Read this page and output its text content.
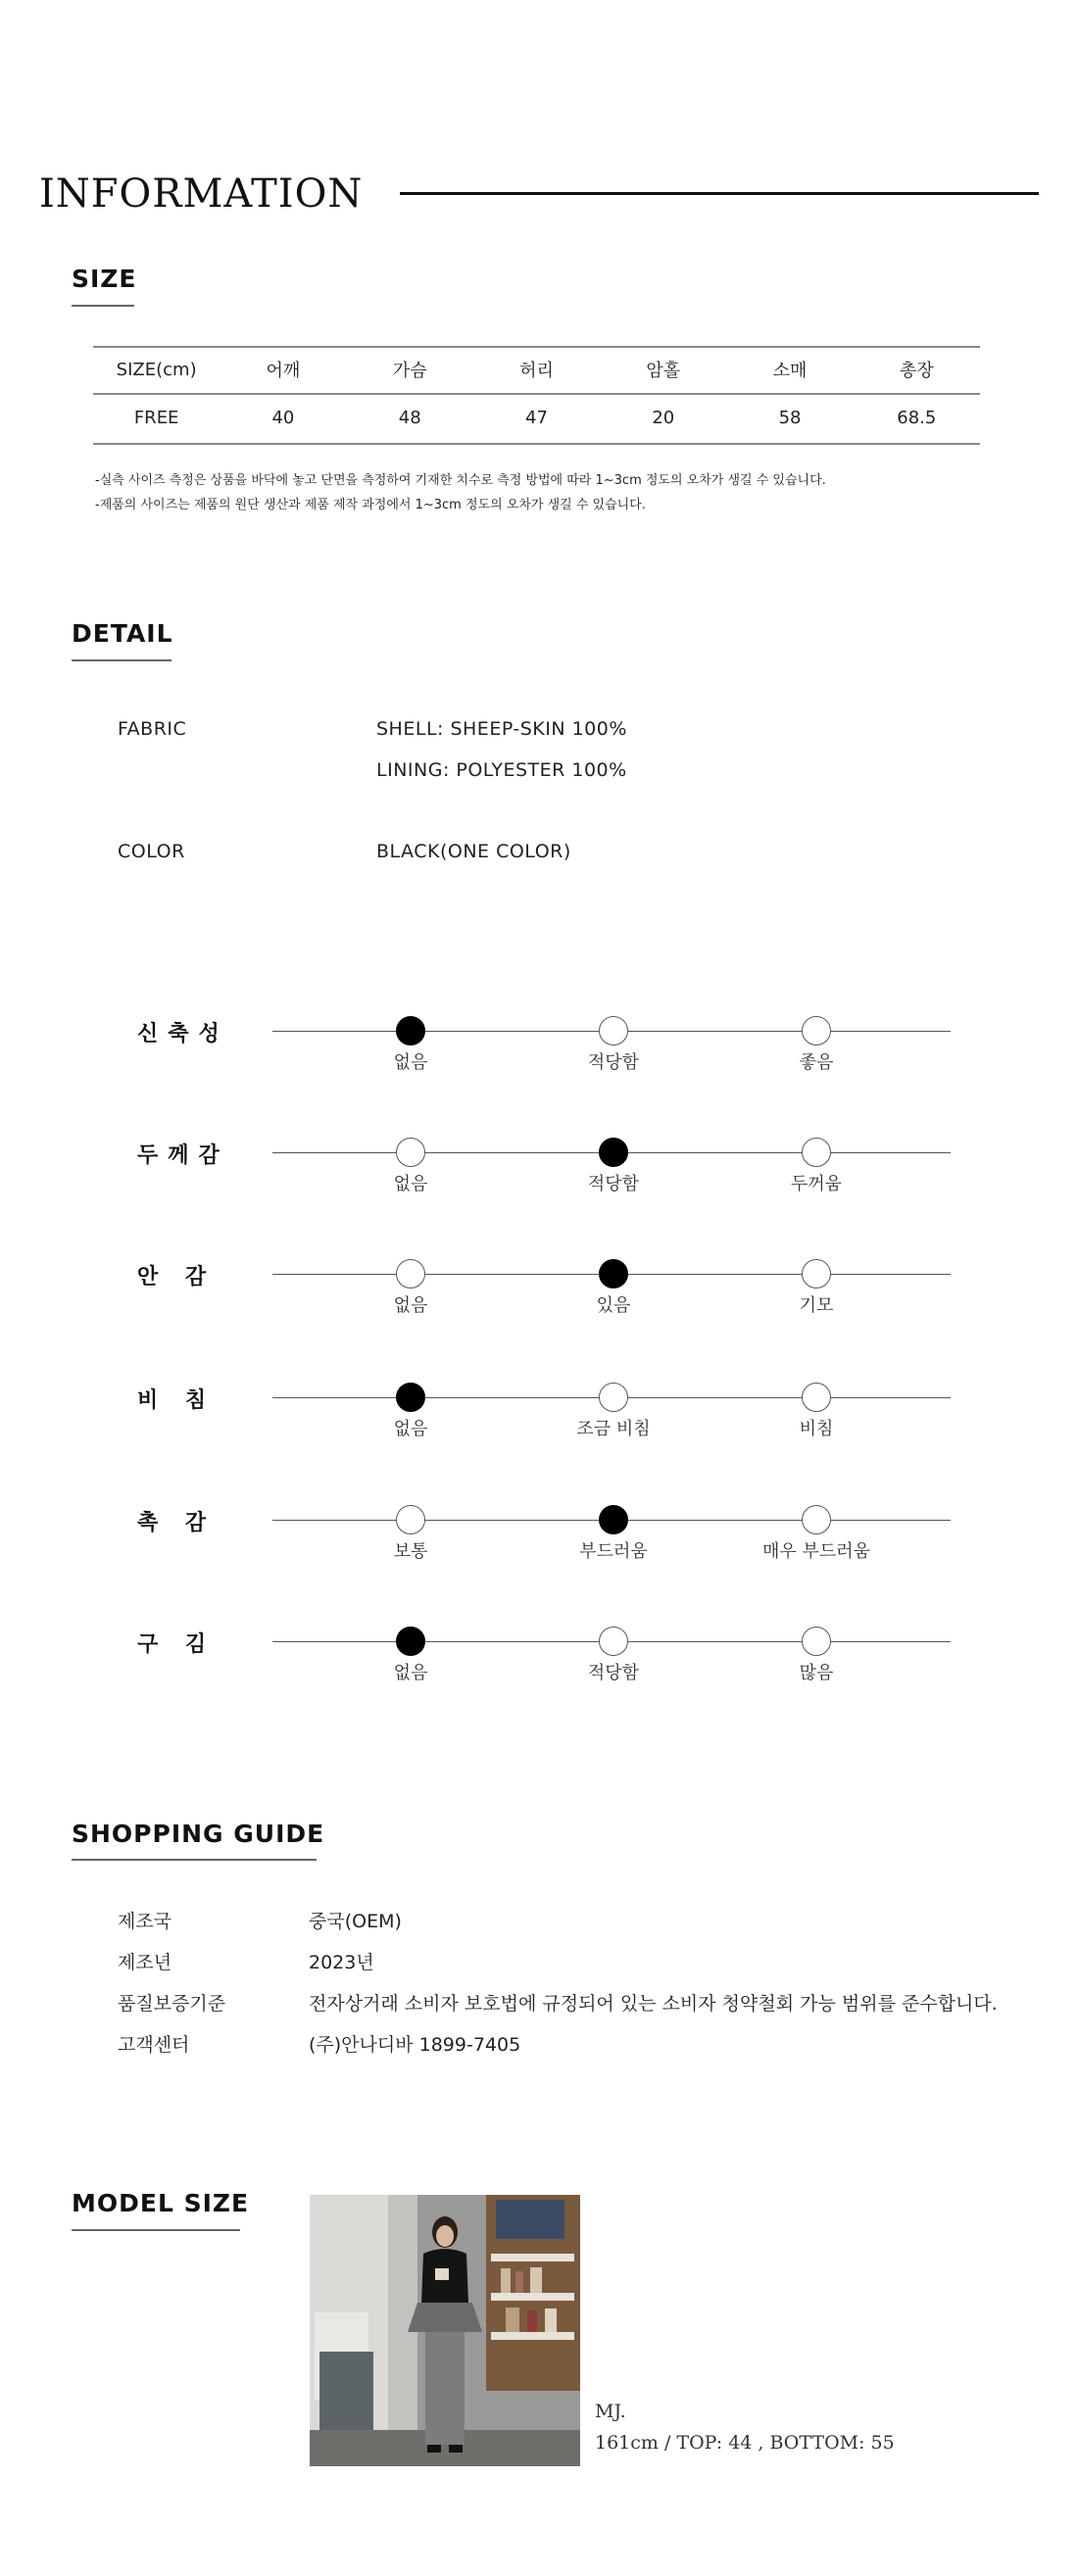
INFORMATION
SIZE
SIZE(cm)	어깨	가슴	허리	암홀	소매	총장
FREE	40	48	47	20	58	68.5
-실측 사이즈 측정은 상품을 바닥에 놓고 단면을 측정하여 기재한 치수로 측정 방법에 따라 1~3cm 정도의 오차가 생길 수 있습니다.
-제품의 사이즈는 제품의 원단 생산과 제품 제작 과정에서 1~3cm 정도의 오차가 생길 수 있습니다.
DETAIL
FABRIC	SHELL: SHEEP-SKIN 100%
LINING: POLYESTER 100%
COLOR	BLACK(ONE COLOR)
신축성
없음	적당함	좋음
두께감
없음	적당함	두꺼움
안 감
없음	있음	기모
비 침
없음	조금 비침	비침
촉 감
보통	부드러움	매우 부드러움
구 김
없음	적당함	많음
SHOPPING GUIDE
제조국	중국(OEM)
제조년	2023년
품질보증기준	전자상거래 소비자 보호법에 규정되어 있는 소비자 청약철회 가능 범위를 준수합니다.
고객센터	(주)안나디바 1899-7405
MODEL SIZE
MJ.
161cm / TOP: 44 , BOTTOM: 55
